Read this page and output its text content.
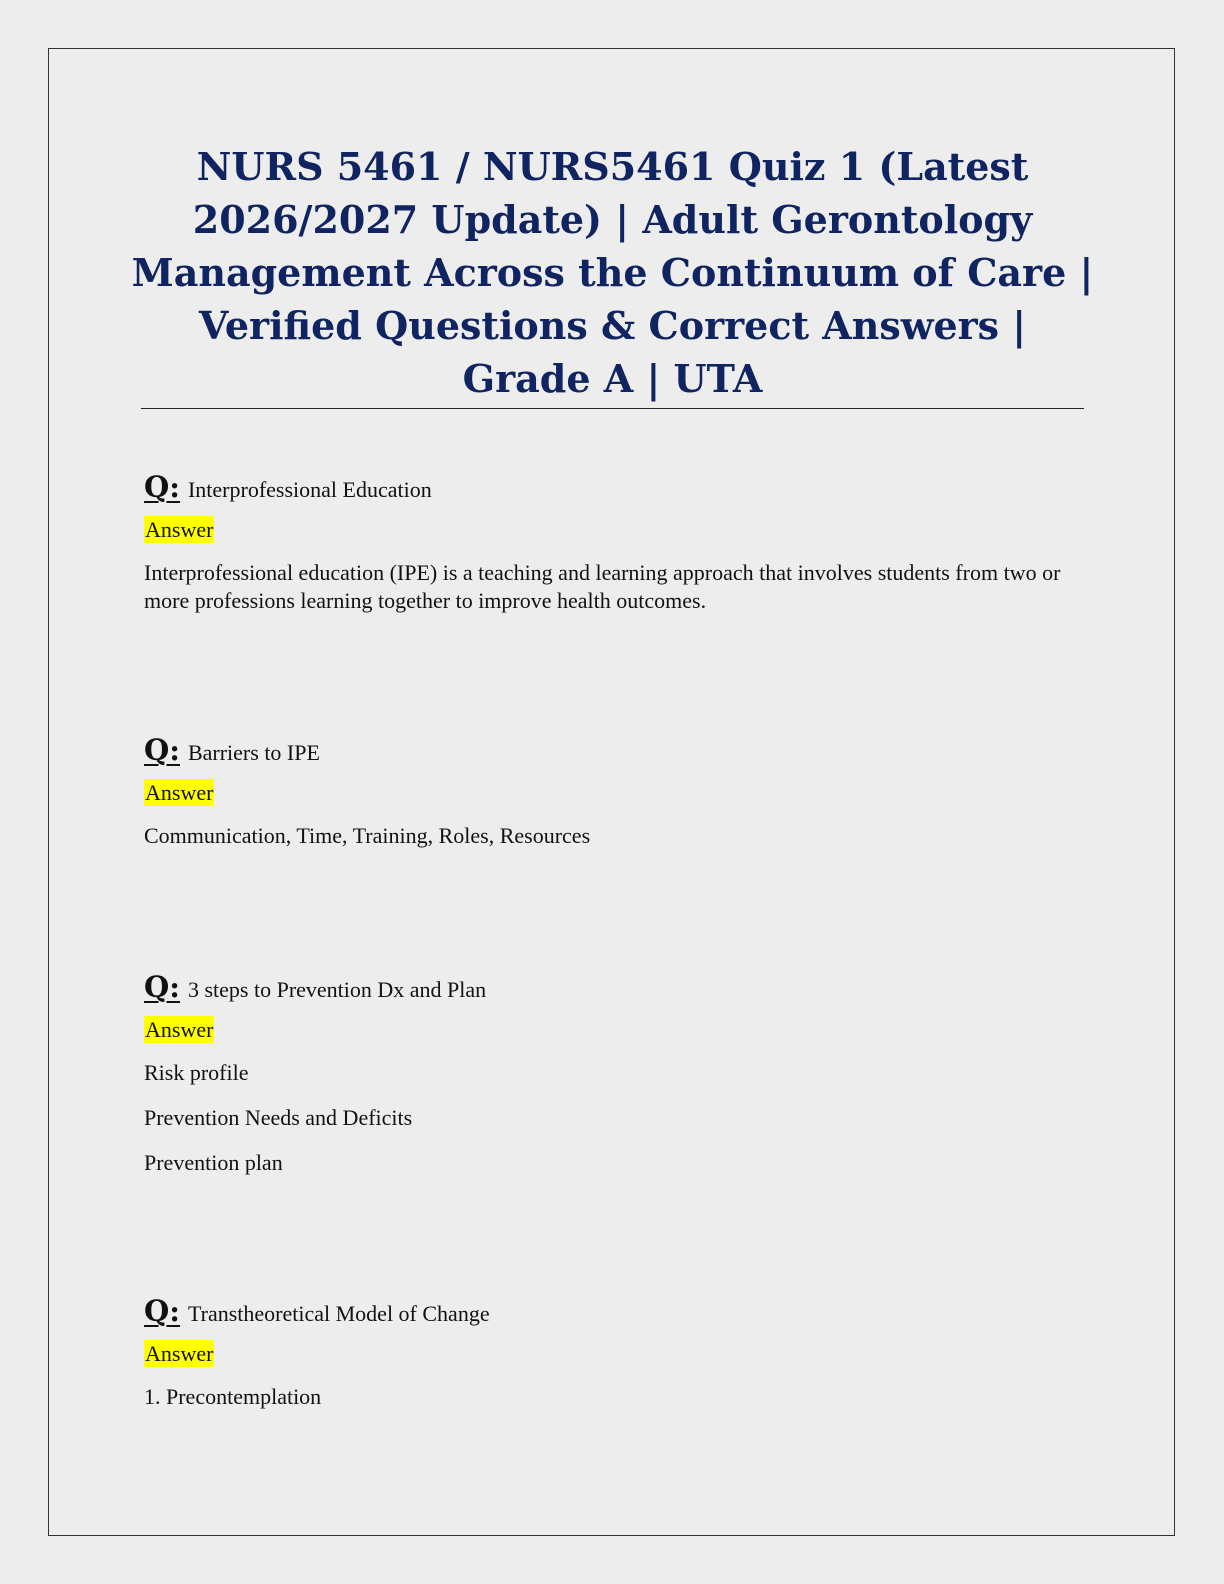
NURS 5461 / NURS5461 Quiz 1 (Latest
2026/2027 Update) | Adult Gerontology
Management Across the Continuum of Care |
Verified Questions & Correct Answers |
Grade A | UTA
Q: Interprofessional Education
Answer
Interprofessional education (IPE) is a teaching and learning approach that involves students from two or more professions learning together to improve health outcomes.
Q: Barriers to IPE
Answer
Communication, Time, Training, Roles, Resources
Q: 3 steps to Prevention Dx and Plan
Answer
Risk profile
Prevention Needs and Deficits
Prevention plan
Q: Transtheoretical Model of Change
Answer
1. Precontemplation
